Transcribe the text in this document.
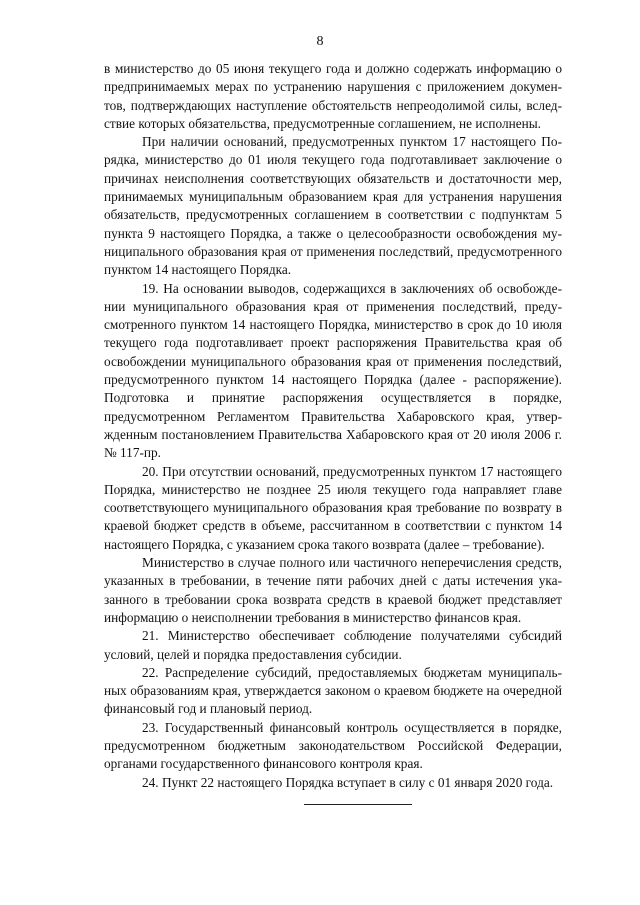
8

в министерство до 05 июня текущего года и должно содержать информацию о предпринимаемых мерах по устранению нарушения с приложением документов, подтверждающих наступление обстоятельств непреодолимой силы, вследствие которых обязательства, предусмотренные соглашением, не исполнены.

При наличии оснований, предусмотренных пунктом 17 настоящего Порядка, министерство до 01 июля текущего года подготавливает заключение о причинах неисполнения соответствующих обязательств и достаточности мер, принимаемых муниципальным образованием края для устранения нарушения обязательств, предусмотренных соглашением в соответствии с подпунктам 5 пункта 9 настоящего Порядка, а также о целесообразности освобождения муниципального образования края от применения последствий, предусмотренного пунктом 14 настоящего Порядка.

19. На основании выводов, содержащихся в заключениях об освобождении муниципального образования края от применения последствий, предусмотренного пунктом 14 настоящего Порядка, министерство в срок до 10 июля текущего года подготавливает проект распоряжения Правительства края об освобождении муниципального образования края от применения последствий, предусмотренного пунктом 14 настоящего Порядка (далее - распоряжение). Подготовка и принятие распоряжения осуществляется в порядке, предусмотренном Регламентом Правительства Хабаровского края, утвержденным постановлением Правительства Хабаровского края от 20 июля 2006 г. № 117-пр.

20. При отсутствии оснований, предусмотренных пунктом 17 настоящего Порядка, министерство не позднее 25 июля текущего года направляет главе соответствующего муниципального образования края требование по возврату в краевой бюджет средств в объеме, рассчитанном в соответствии с пунктом 14 настоящего Порядка, с указанием срока такого возврата (далее – требование).

Министерство в случае полного или частичного неперечисления средств, указанных в требовании, в течение пяти рабочих дней с даты истечения указанного в требовании срока возврата средств в краевой бюджет представляет информацию о неисполнении требования в министерство финансов края.

21. Министерство обеспечивает соблюдение получателями субсидий условий, целей и порядка предоставления субсидии.

22. Распределение субсидий, предоставляемых бюджетам муниципальных образованиям края, утверждается законом о краевом бюджете на очередной финансовый год и плановый период.

23. Государственный финансовый контроль осуществляется в порядке, предусмотренном бюджетным законодательством Российской Федерации, органами государственного финансового контроля края.

24. Пункт 22 настоящего Порядка вступает в силу с 01 января 2020 года.
